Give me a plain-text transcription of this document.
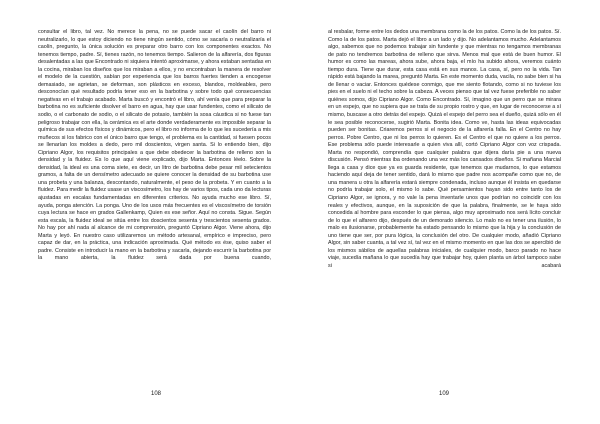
consultar el libro, tal vez. No merece la pena, no se puede sacar el caolín del barro ni neutralizarlo, lo que estoy diciendo no tiene ningún sentido, cómo se sacaría o neutralizaría el caolín, pregunto, la única solución es preparar otro barro con los componentes exactos. No tenemos tiempo, padre. Sí, tienes razón, no tenemos tiempo. Salieron de la alfarería, dos figuras desalentadas a las que Encontrado ni siquiera intentó aproximarse, y ahora estaban sentadas en la cocina, miraban los diseños que los miraban a ellos, y no encontraban la manera de resolver el modelo de la cuestión, sabían por experiencia que los barros fuertes tienden a encogerse demasiado, se agrietan, se deforman, son plásticos en exceso, blandos, moldeables, pero desconocían qué resultado podría tener eso en la barbotina y sobre todo qué consecuencias negativas en el trabajo acabado. Marta buscó y encontró el libro, ahí venía que para preparar la barbotina no es suficiente disolver el barro en agua, hay que usar fundentes, como el silicato de sodio, o el carbonato de sodio, o el silicato de potasio, también la sosa cáustica si no fuese tan peligroso trabajar con ella, la cerámica es el arte donde verdaderamente es imposible separar la química de sus efectos físicos y dinámicos, pero el libro no informa de lo que les sucedería a mis muñecos si los fabrico con el único barro que tengo, el problema es la cantidad, si fuesen pocos se llenarían los moldes a dedo, pero mil doscientos, virgen santa. Si lo entiendo bien, dijo Cipriano Algor, los requisitos principales a que debe obedecer la barbotina de relleno son la densidad y la fluidez. Es lo que aquí viene explicado, dijo Marta. Entonces léelo. Sobre la densidad, la ideal es una coma siete, es decir, un litro de barbotina debe pesar mil setecientos gramos, a falta de un densímetro adecuado se quiere conocer la densidad de su barbotina use una probeta y una balanza, descontando, naturalmente, el peso de la probeta. Y en cuanto a la fluidez. Para medir la fluidez usase un viscosímetro, los hay de varios tipos, cada uno da lecturas ajustadas en escalas fundamentadas en diferentes criterios. No ayuda mucho ese libro. Sí, ayuda, ponga atención. La ponga. Uno de los usos más frecuentes es el viscosímetro de torsión cuya lectura se hace en grados Gallenkamp, Quien es ese señor. Aquí no consta. Sigue. Según esta escala, la fluidez ideal se sitúa entre los doscientos sesenta y trescientos sesenta grados. No hay por ahí nada al alcance de mi comprensión, preguntó Cipriano Algor. Viene ahora, dijo Marta y leyó. En nuestro caso utilizaremos un método artesanal, empírico e impreciso, pero capaz de dar, en la práctica, una indicación aproximada. Qué método es ése, quiso saber el padre. Consiste en introducir la mano en la barbotina y sacarla, dejando escurrir la barbotina por la mano abierta, la fluidez será dada por buena cuando,

108

al resbalar, forme entre los dedos una membrana como la de los patos. Como la de los patos. Sí. Como la de los patos. Marta dejó el libro a un lado y dijo. No adelantamos mucho. Adelantamos algo, sabemos que no podemos trabajar sin fundente y que mientras no tengamos membranas de pato no tendremos barbotina de relleno que sirva. Menos mal que está de buen humor. El humor es como las mareas, ahora sube, ahora baja, el mío ha subido ahora, veremos cuánto tiempo dura. Tiene que durar, esta casa está en sus manos. La casa, sí, pero no la vida. Tan rápido está bajando la marea, preguntó Marta. En este momento duda, vacila, no sabe bien si ha de llenar o vaciar. Entonces quédese conmigo, que me siento flotando, como si no tuviese los pies en el suelo ni el techo sobre la cabeza. A veces pienso que tal vez fuese preferible no saber quiénes somos, dijo Cipriano Algor. Como Encontrado. Sí, imagino que un perro que se mirara en un espejo, que no supiera que se trata de su propio rostro y que, en lugar de reconocerse a sí mismo, buscase a otro detrás del espejo. Quizá el espejo del perro sea el dueño, quizá sólo en él le sea posible reconocerse, sugirió Marta. Bonita idea. Como ve, hasta las ideas equivocadas pueden ser bonitas. Criaremos perros si el negocio de la alfarería falla. En el Centro no hay perros. Pobre Centro, que ni los perros lo quieren. Es el Centro el que no quiere a los perros. Ese problema sólo puede interesarle a quien viva allí, cortó Cipriano Algor con voz crispada. Marta no respondió, comprendía que cualquier palabra que dijera daría pie a una nueva discusión. Pensó mientras iba ordenando una vez más los cansados diseños. Si mañana Marcial llega a casa y dice que ya es guarda residente, que tenemos que mudarnos, lo que estamos haciendo aquí deja de tener sentido, dará lo mismo que padre nos acompañe como que no, de una manera u otra la alfarería estará siempre condenada, incluso aunque él insista en quedarse no podría trabajar solo, el mismo lo sabe. Qué persamientos hayan sido entre tanto los de Cipriano Algor, se ignora, y no vale la pena inventarle unos que podrían no coincidir con los reales y efectivos, aunque, en la suposición de que la palabra, finalmente, se le haya sido concedida al hombre para esconder lo que piensa, algo muy aproximado nos será lícito concluir de lo que el alfarero dijo, después de un demorado silencio. Lo malo no es tener una ilusión, lo malo es ilusionarse, probablemente ha estado pensando lo mismo que la hija y la conclusión de uno tiene que ser, por pura lógica, la conclusión del otro. De cualquier modo, añadió Cipriano Algor, sin saber cuanta, a tal vez sí, tal vez en el mismo momento en que las dos se apercibió de los mismos sábilos de aquellas palabras iniciales, de cualquier modo, barco parado no hace viaje, sucedía mañana lo que sucedía hay que trabajar hoy, quien planta un árbol tampoco sabe si acabará

109
